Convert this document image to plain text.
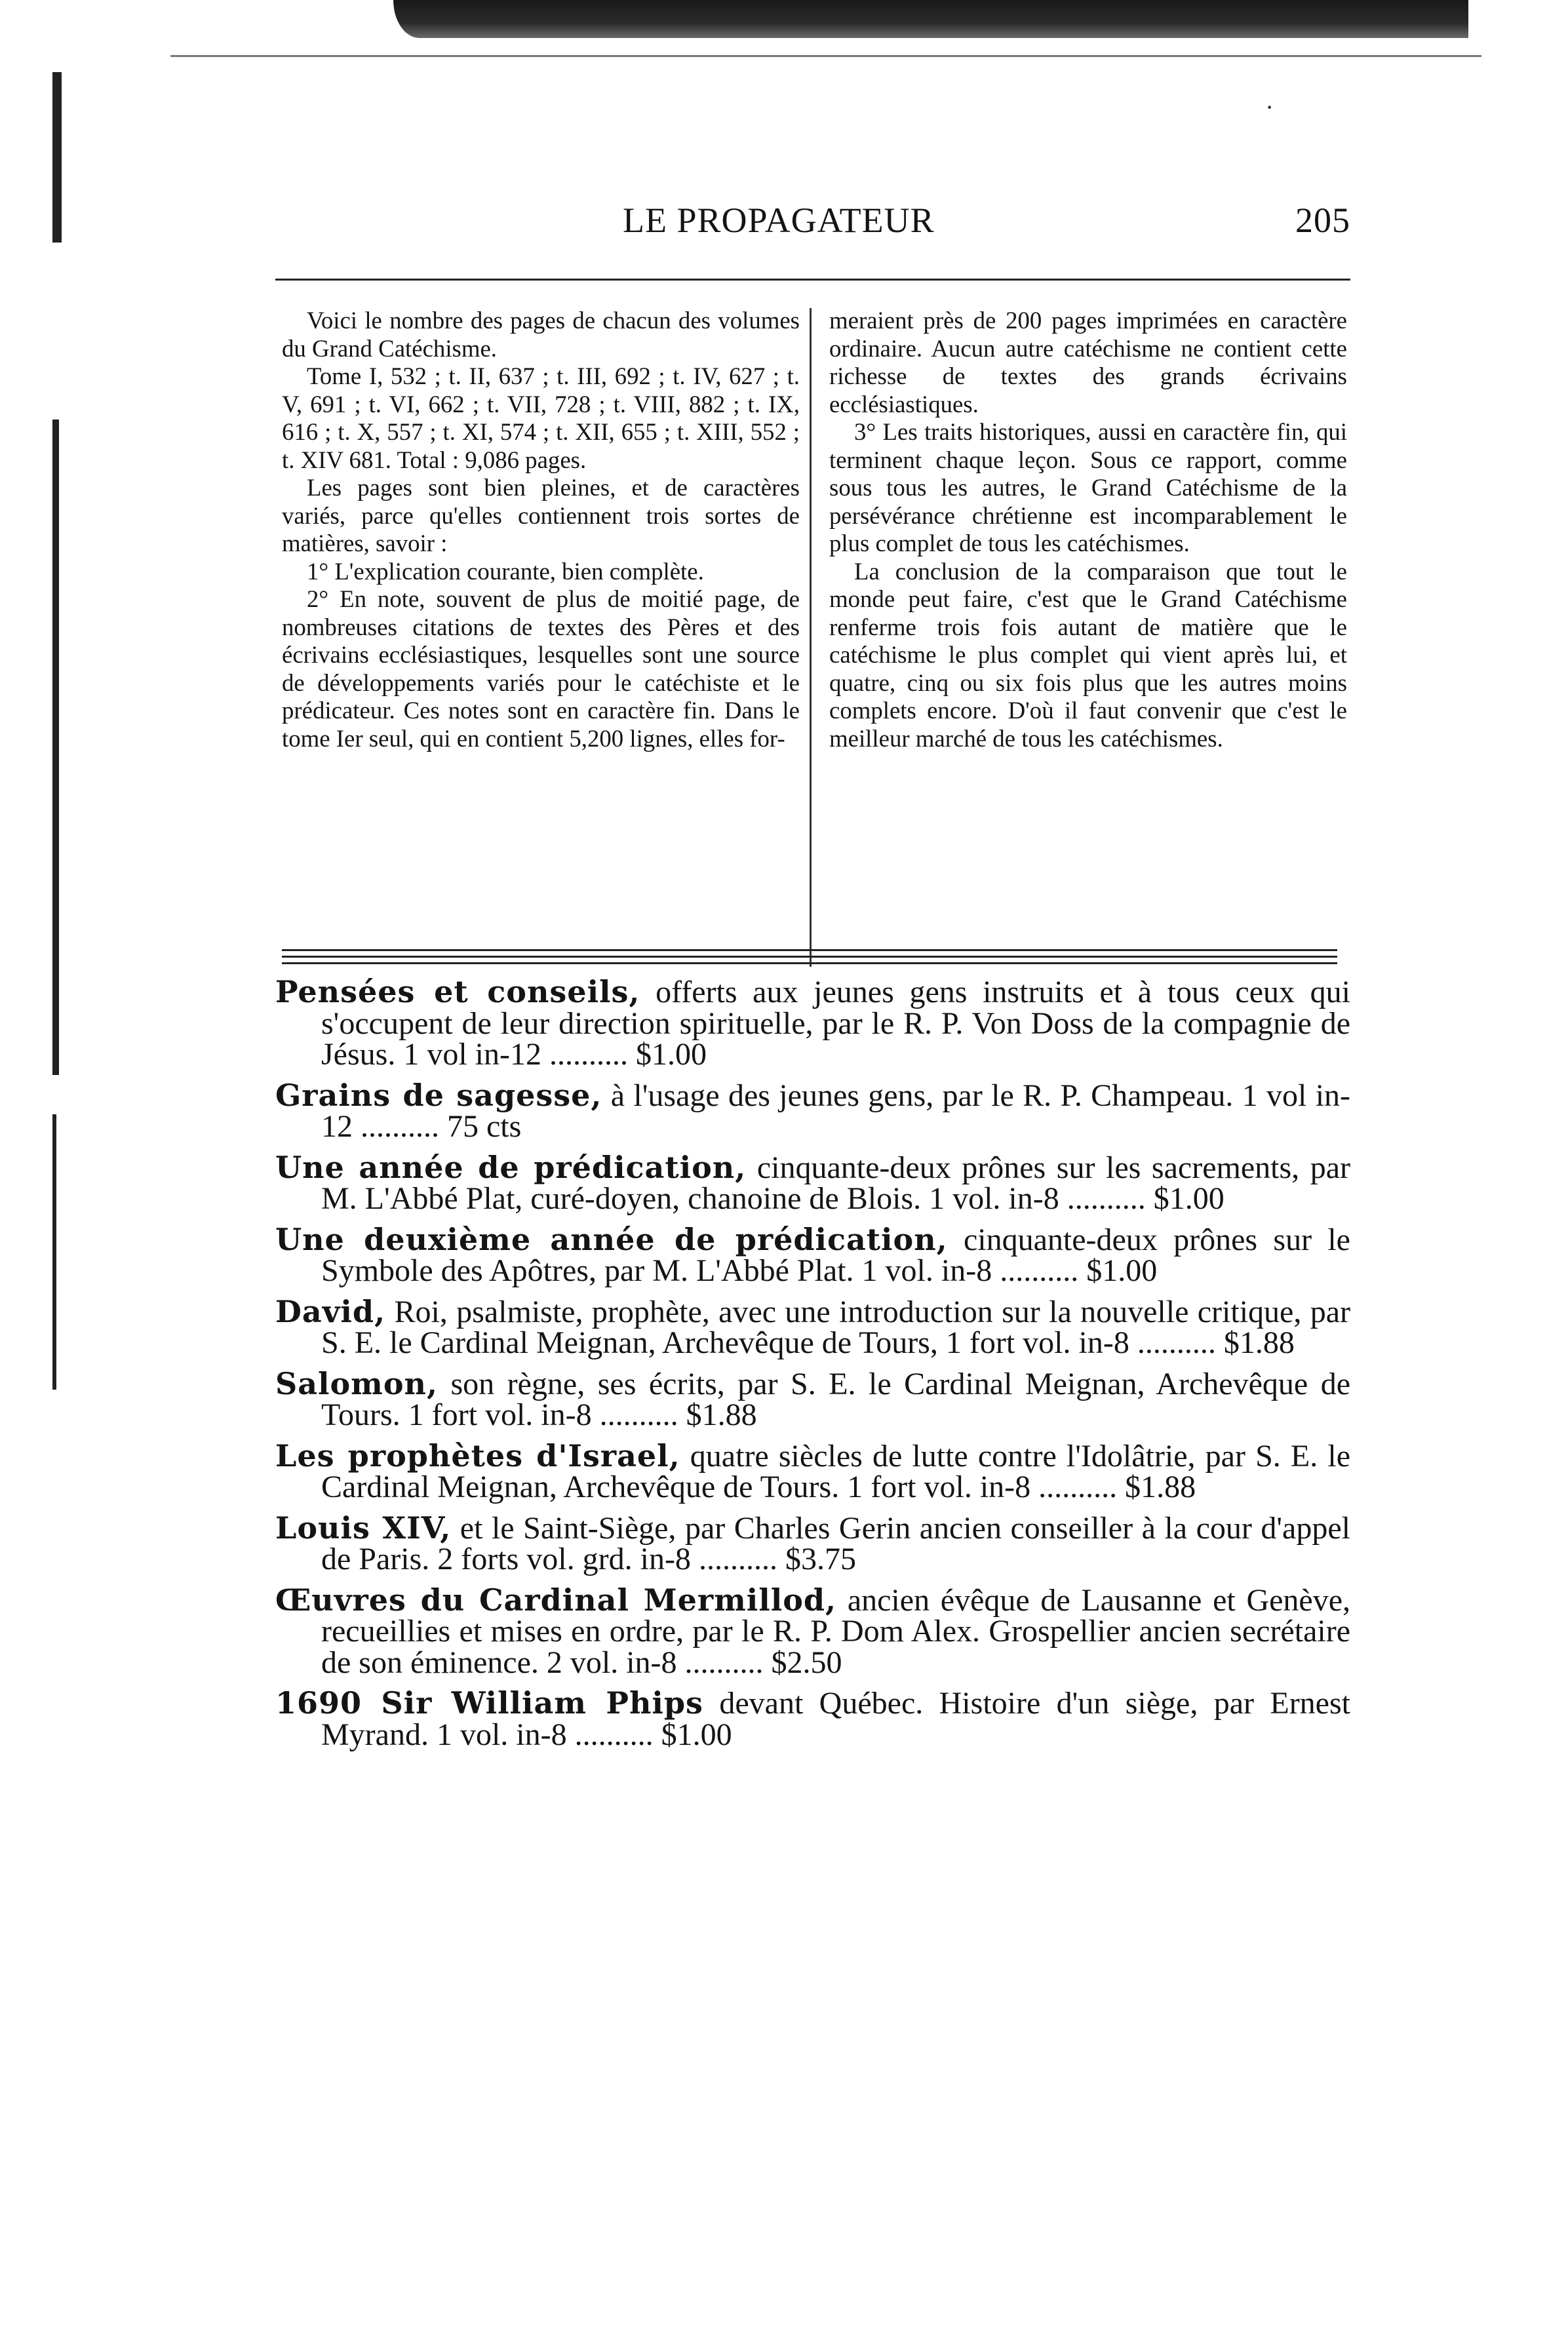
·
LE PROPAGATEUR	205

Voici le nombre des pages de chacun des volumes du Grand Catéchisme.

Tome I, 532 ; t. II, 637 ; t. III, 692 ; t. IV, 627 ; t. V, 691 ; t. VI, 662 ; t. VII, 728 ; t. VIII, 882 ; t. IX, 616 ; t. X, 557 ; t. XI, 574 ; t. XII, 655 ; t. XIII, 552 ; t. XIV 681. Total : 9,086 pages.

Les pages sont bien pleines, et de caractères variés, parce qu'elles contiennent trois sortes de matières, savoir :

1° L'explication courante, bien complète.

2° En note, souvent de plus de moitié page, de nombreuses citations de textes des Pères et des écrivains ecclésiastiques, lesquelles sont une source de développements variés pour le catéchiste et le prédicateur. Ces notes sont en caractère fin. Dans le tome Ier seul, qui en contient 5,200 lignes, elles for-

meraient près de 200 pages imprimées en caractère ordinaire. Aucun autre catéchisme ne contient cette richesse de textes des grands écrivains ecclésiastiques.

3° Les traits historiques, aussi en caractère fin, qui terminent chaque leçon. Sous ce rapport, comme sous tous les autres, le Grand Catéchisme de la persévérance chrétienne est incomparablement le plus complet de tous les catéchismes.

La conclusion de la comparaison que tout le monde peut faire, c'est que le Grand Catéchisme renferme trois fois autant de matière que le catéchisme le plus complet qui vient après lui, et quatre, cinq ou six fois plus que les autres moins complets encore. D'où il faut convenir que c'est le meilleur marché de tous les catéchismes.

Pensées et conseils, offerts aux jeunes gens instruits et à tous ceux qui s'occupent de leur direction spirituelle, par le R. P. Von Doss de la compagnie de Jésus. 1 vol in-12 .......... $1.00
Grains de sagesse, à l'usage des jeunes gens, par le R. P. Champeau. 1 vol in-12 .......... 75 cts
Une année de prédication, cinquante-deux prônes sur les sacrements, par M. L'Abbé Plat, curé-doyen, chanoine de Blois. 1 vol. in-8 .......... $1.00
Une deuxième année de prédication, cinquante-deux prônes sur le Symbole des Apôtres, par M. L'Abbé Plat. 1 vol. in-8 .......... $1.00
David, Roi, psalmiste, prophète, avec une introduction sur la nouvelle critique, par S. E. le Cardinal Meignan, Archevêque de Tours, 1 fort vol. in-8 .......... $1.88
Salomon, son règne, ses écrits, par S. E. le Cardinal Meignan, Archevêque de Tours. 1 fort vol. in-8 .......... $1.88
Les prophètes d'Israel, quatre siècles de lutte contre l'Idolâtrie, par S. E. le Cardinal Meignan, Archevêque de Tours. 1 fort vol. in-8 .......... $1.88
Louis XIV, et le Saint-Siège, par Charles Gerin ancien conseiller à la cour d'appel de Paris. 2 forts vol. grd. in-8 .......... $3.75
Œuvres du Cardinal Mermillod, ancien évêque de Lausanne et Genève, recueillies et mises en ordre, par le R. P. Dom Alex. Grospellier ancien secrétaire de son éminence. 2 vol. in-8 .......... $2.50
1690 Sir William Phips devant Québec. Histoire d'un siège, par Ernest Myrand. 1 vol. in-8 .......... $1.00
